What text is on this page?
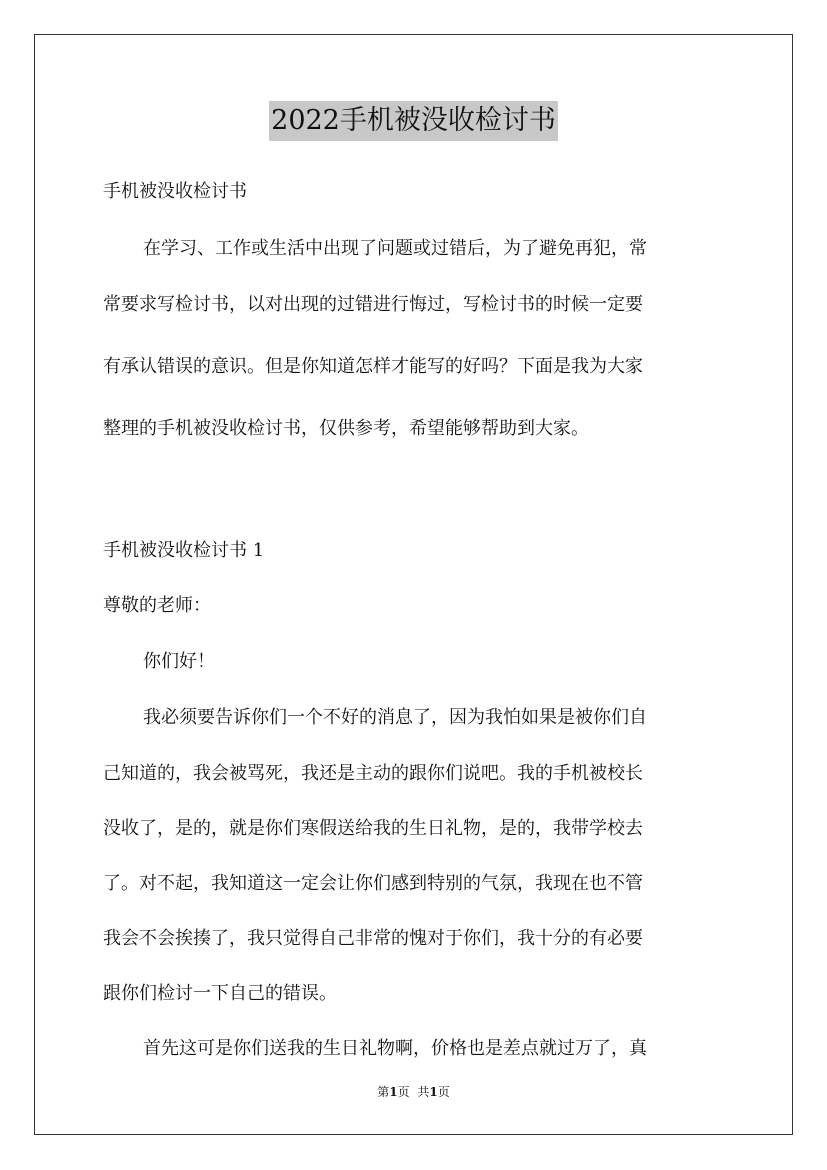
2022手机被没收检讨书
手机被没收检讨书
在学习、工作或生活中出现了问题或过错后，为了避免再犯，常
常要求写检讨书，以对出现的过错进行悔过，写检讨书的时候一定要
有承认错误的意识。但是你知道怎样才能写的好吗？下面是我为大家
整理的手机被没收检讨书，仅供参考，希望能够帮助到大家。
手机被没收检讨书 1
尊敬的老师：
你们好！
我必须要告诉你们一个不好的消息了，因为我怕如果是被你们自
己知道的，我会被骂死，我还是主动的跟你们说吧。我的手机被校长
没收了，是的，就是你们寒假送给我的生日礼物，是的，我带学校去
了。对不起，我知道这一定会让你们感到特别的气氛，我现在也不管
我会不会挨揍了，我只觉得自己非常的愧对于你们，我十分的有必要
跟你们检讨一下自己的错误。
首先这可是你们送我的生日礼物啊，价格也是差点就过万了，真
第1页 共1页
